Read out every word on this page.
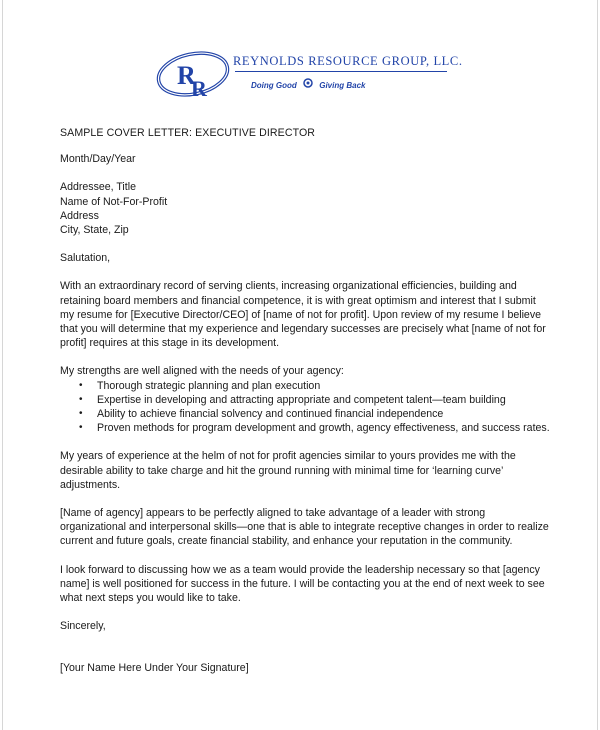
R
R
REYNOLDS RESOURCE GROUP, LLC.
Doing Good	Giving Back

SAMPLE COVER LETTER: EXECUTIVE DIRECTOR

Month/Day/Year

Addressee, Title

Name of Not-For-Profit

Address

City, State, Zip

Salutation,

With an extraordinary record of serving clients, increasing organizational efficiencies, building and retaining board members and financial competence, it is with great optimism and interest that I submit my resume for [Executive Director/CEO] of [name of not for profit]. Upon review of my resume I believe that you will determine that my experience and legendary successes are precisely what [name of not for profit] requires at this stage in its development.

My strengths are well aligned with the needs of your agency:

• Thorough strategic planning and plan execution
• Expertise in developing and attracting appropriate and competent talent—team building
• Ability to achieve financial solvency and continued financial independence
• Proven methods for program development and growth, agency effectiveness, and success rates.

My years of experience at the helm of not for profit agencies similar to yours provides me with the desirable ability to take charge and hit the ground running with minimal time for ‘learning curve’ adjustments.

[Name of agency] appears to be perfectly aligned to take advantage of a leader with strong organizational and interpersonal skills—one that is able to integrate receptive changes in order to realize current and future goals, create financial stability, and enhance your reputation in the community.

I look forward to discussing how we as a team would provide the leadership necessary so that [agency name] is well positioned for success in the future. I will be contacting you at the end of next week to see what next steps you would like to take.

Sincerely,

[Your Name Here Under Your Signature]
